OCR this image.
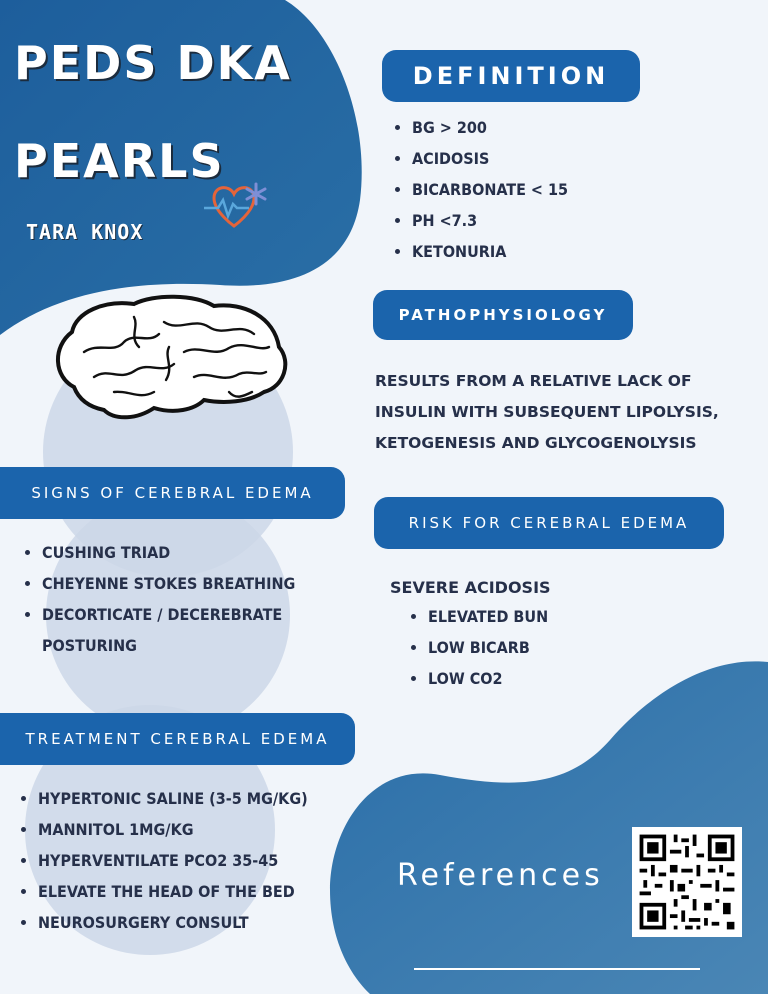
PEDS DKA
PEARLS
TARA KNOX
DEFINITION
• BG > 200
• ACIDOSIS
• BICARBONATE < 15
• PH <7.3
• KETONURIA
PATHOPHYSIOLOGY
RESULTS FROM A RELATIVE LACK OF
INSULIN WITH SUBSEQUENT LIPOLYSIS,
KETOGENESIS AND GLYCOGENOLYSIS
SIGNS OF CEREBRAL EDEMA
• CUSHING TRIAD
• CHEYENNE STOKES BREATHING
• DECORTICATE / DECEREBRATE POSTURING
RISK FOR CEREBRAL EDEMA
SEVERE ACIDOSIS
• ELEVATED BUN
• LOW BICARB
• LOW CO2
TREATMENT CEREBRAL EDEMA
• HYPERTONIC SALINE (3-5 MG/KG)
• MANNITOL 1MG/KG
• HYPERVENTILATE PCO2 35-45
• ELEVATE THE HEAD OF THE BED
• NEUROSURGERY CONSULT
References
